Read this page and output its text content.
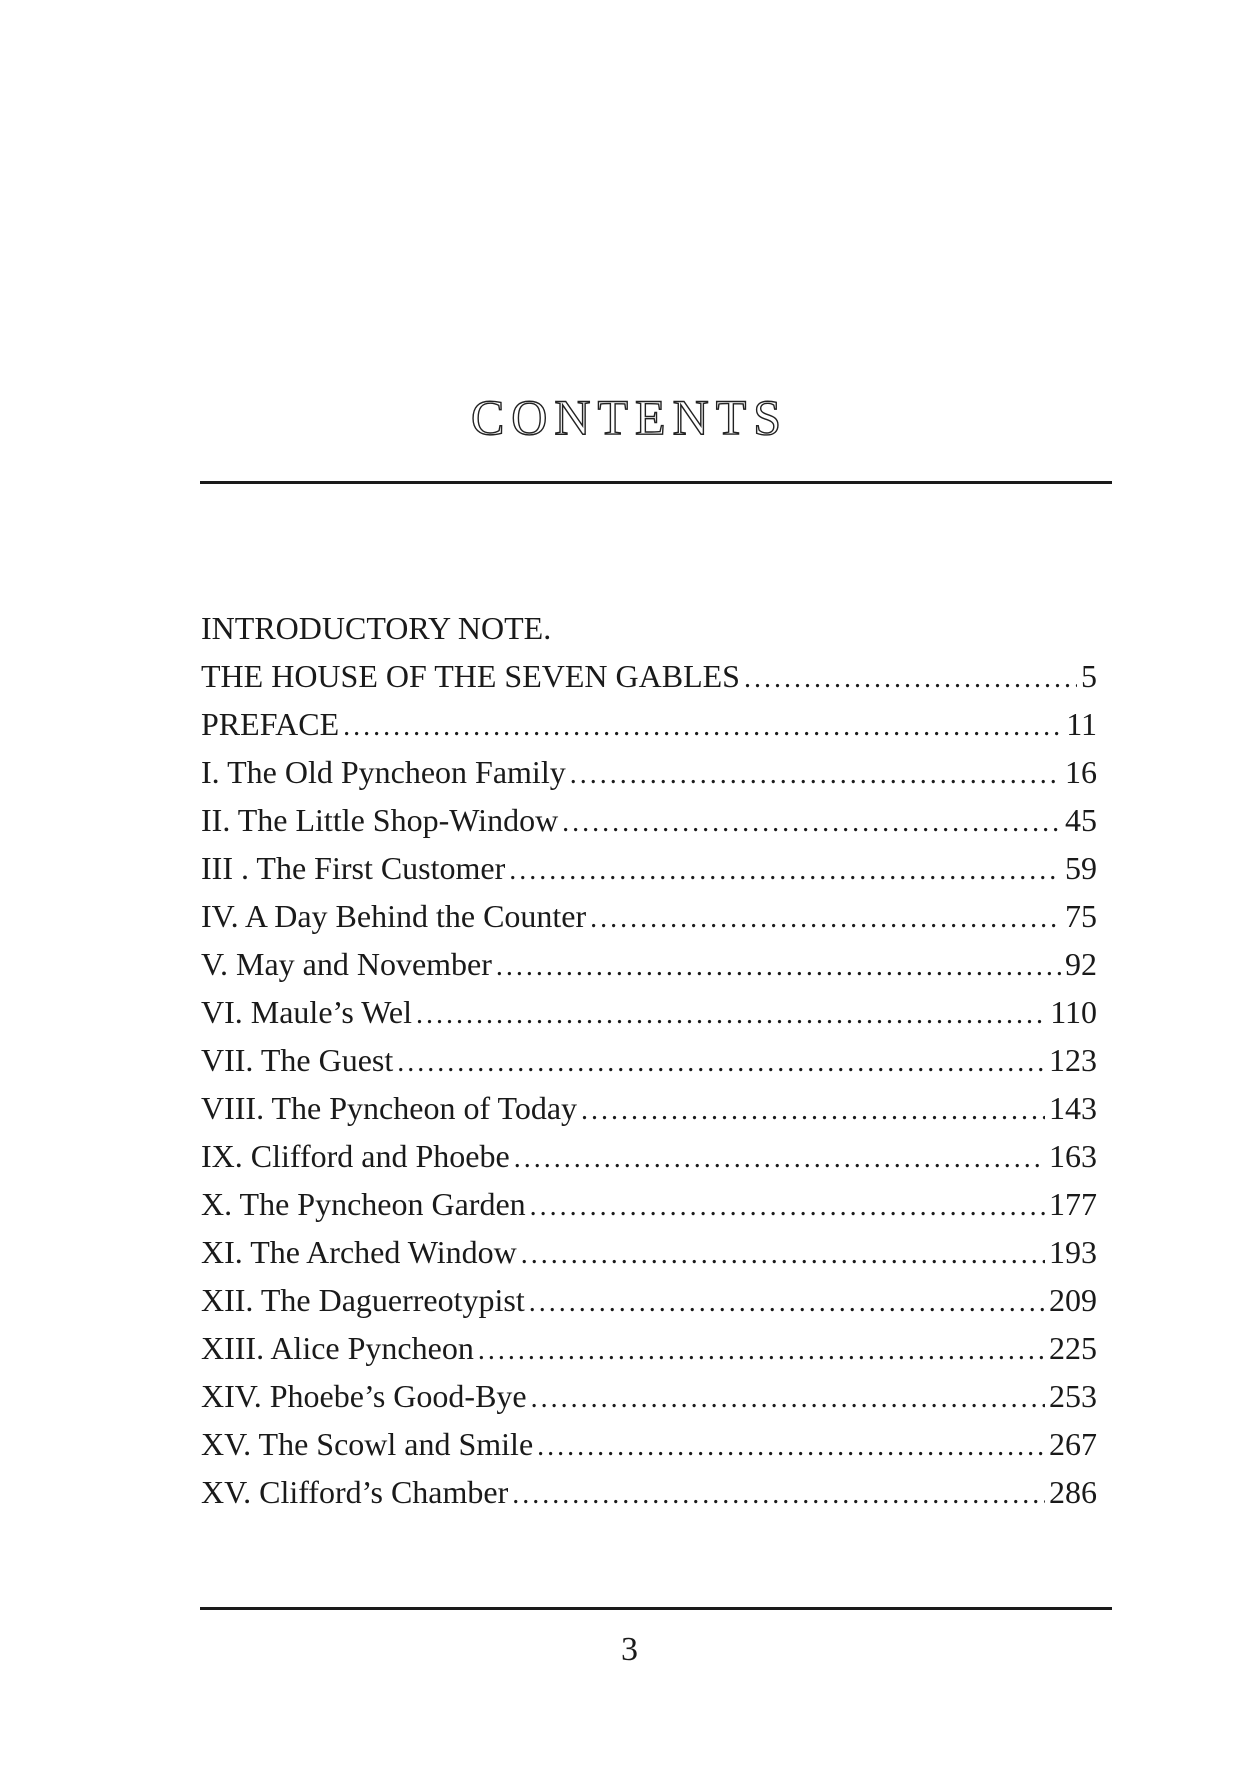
CONTENTS
INTRODUCTORY NOTE.
THE HOUSE OF THE SEVEN GABLES . . .	5
PREFACE . . .	11
I. The Old Pyncheon Family . . .	16
II. The Little Shop-Window . . .	45
III . The First Customer . . .	59
IV. A Day Behind the Counter . . .	75
V. May and November . . .	92
VI. Maule’s Wel . . .	110
VII. The Guest . . .	123
VIII. The Pyncheon of Today . . .	143
IX. Clifford and Phoebe . . .	163
X. The Pyncheon Garden . . .	177
XI. The Arched Window . . .	193
XII. The Daguerreotypist . . .	209
XIII. Alice Pyncheon . . .	225
XIV. Phoebe’s Good-Bye . . .	253
XV. The Scowl and Smile . . .	267
XV. Clifford’s Chamber . . .	286
3
